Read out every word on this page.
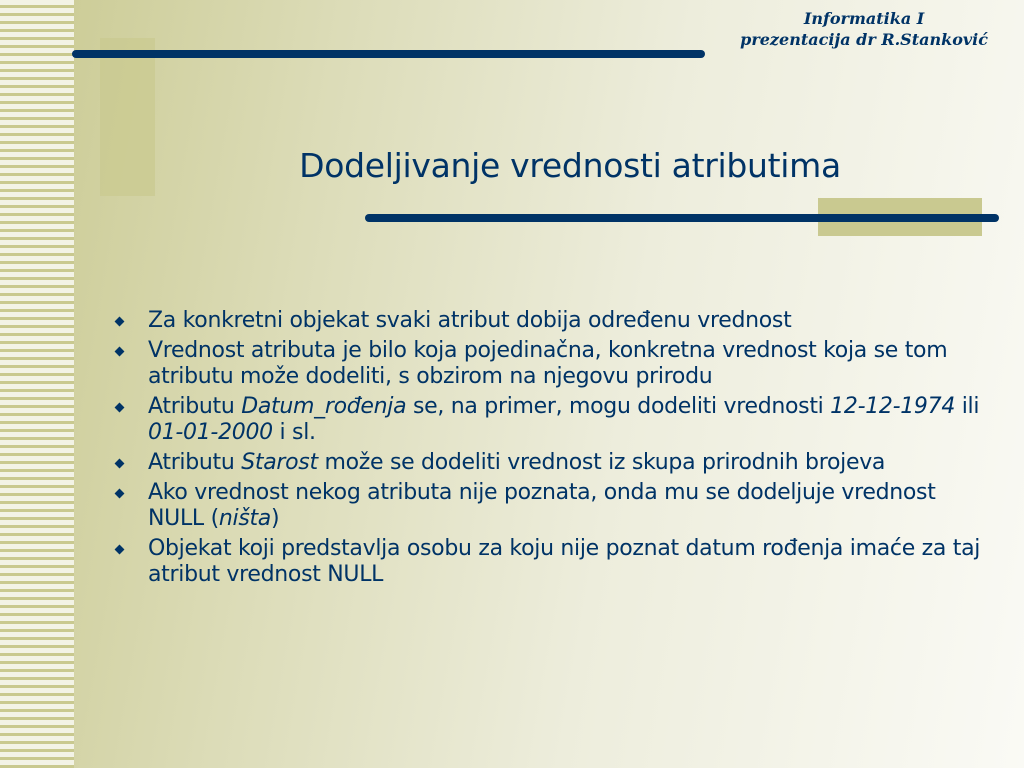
Informatika I
prezentacija dr R.Stanković
Dodeljivanje vrednosti atributima
Za konkretni objekat svaki atribut dobija određenu vrednost
Vrednost atributa je bilo koja pojedinačna, konkretna vrednost koja se tom atributu može dodeliti, s obzirom na njegovu prirodu
Atributu Datum_rođenja se, na primer, mogu dodeliti vrednosti 12-12-1974 ili 01-01-2000 i sl.
Atributu Starost može se dodeliti vrednost iz skupa prirodnih brojeva
Ako vrednost nekog atributa nije poznata, onda mu se dodeljuje vrednost NULL (ništa)
Objekat koji predstavlja osobu za koju nije poznat datum rođenja imaće za taj atribut vrednost NULL
